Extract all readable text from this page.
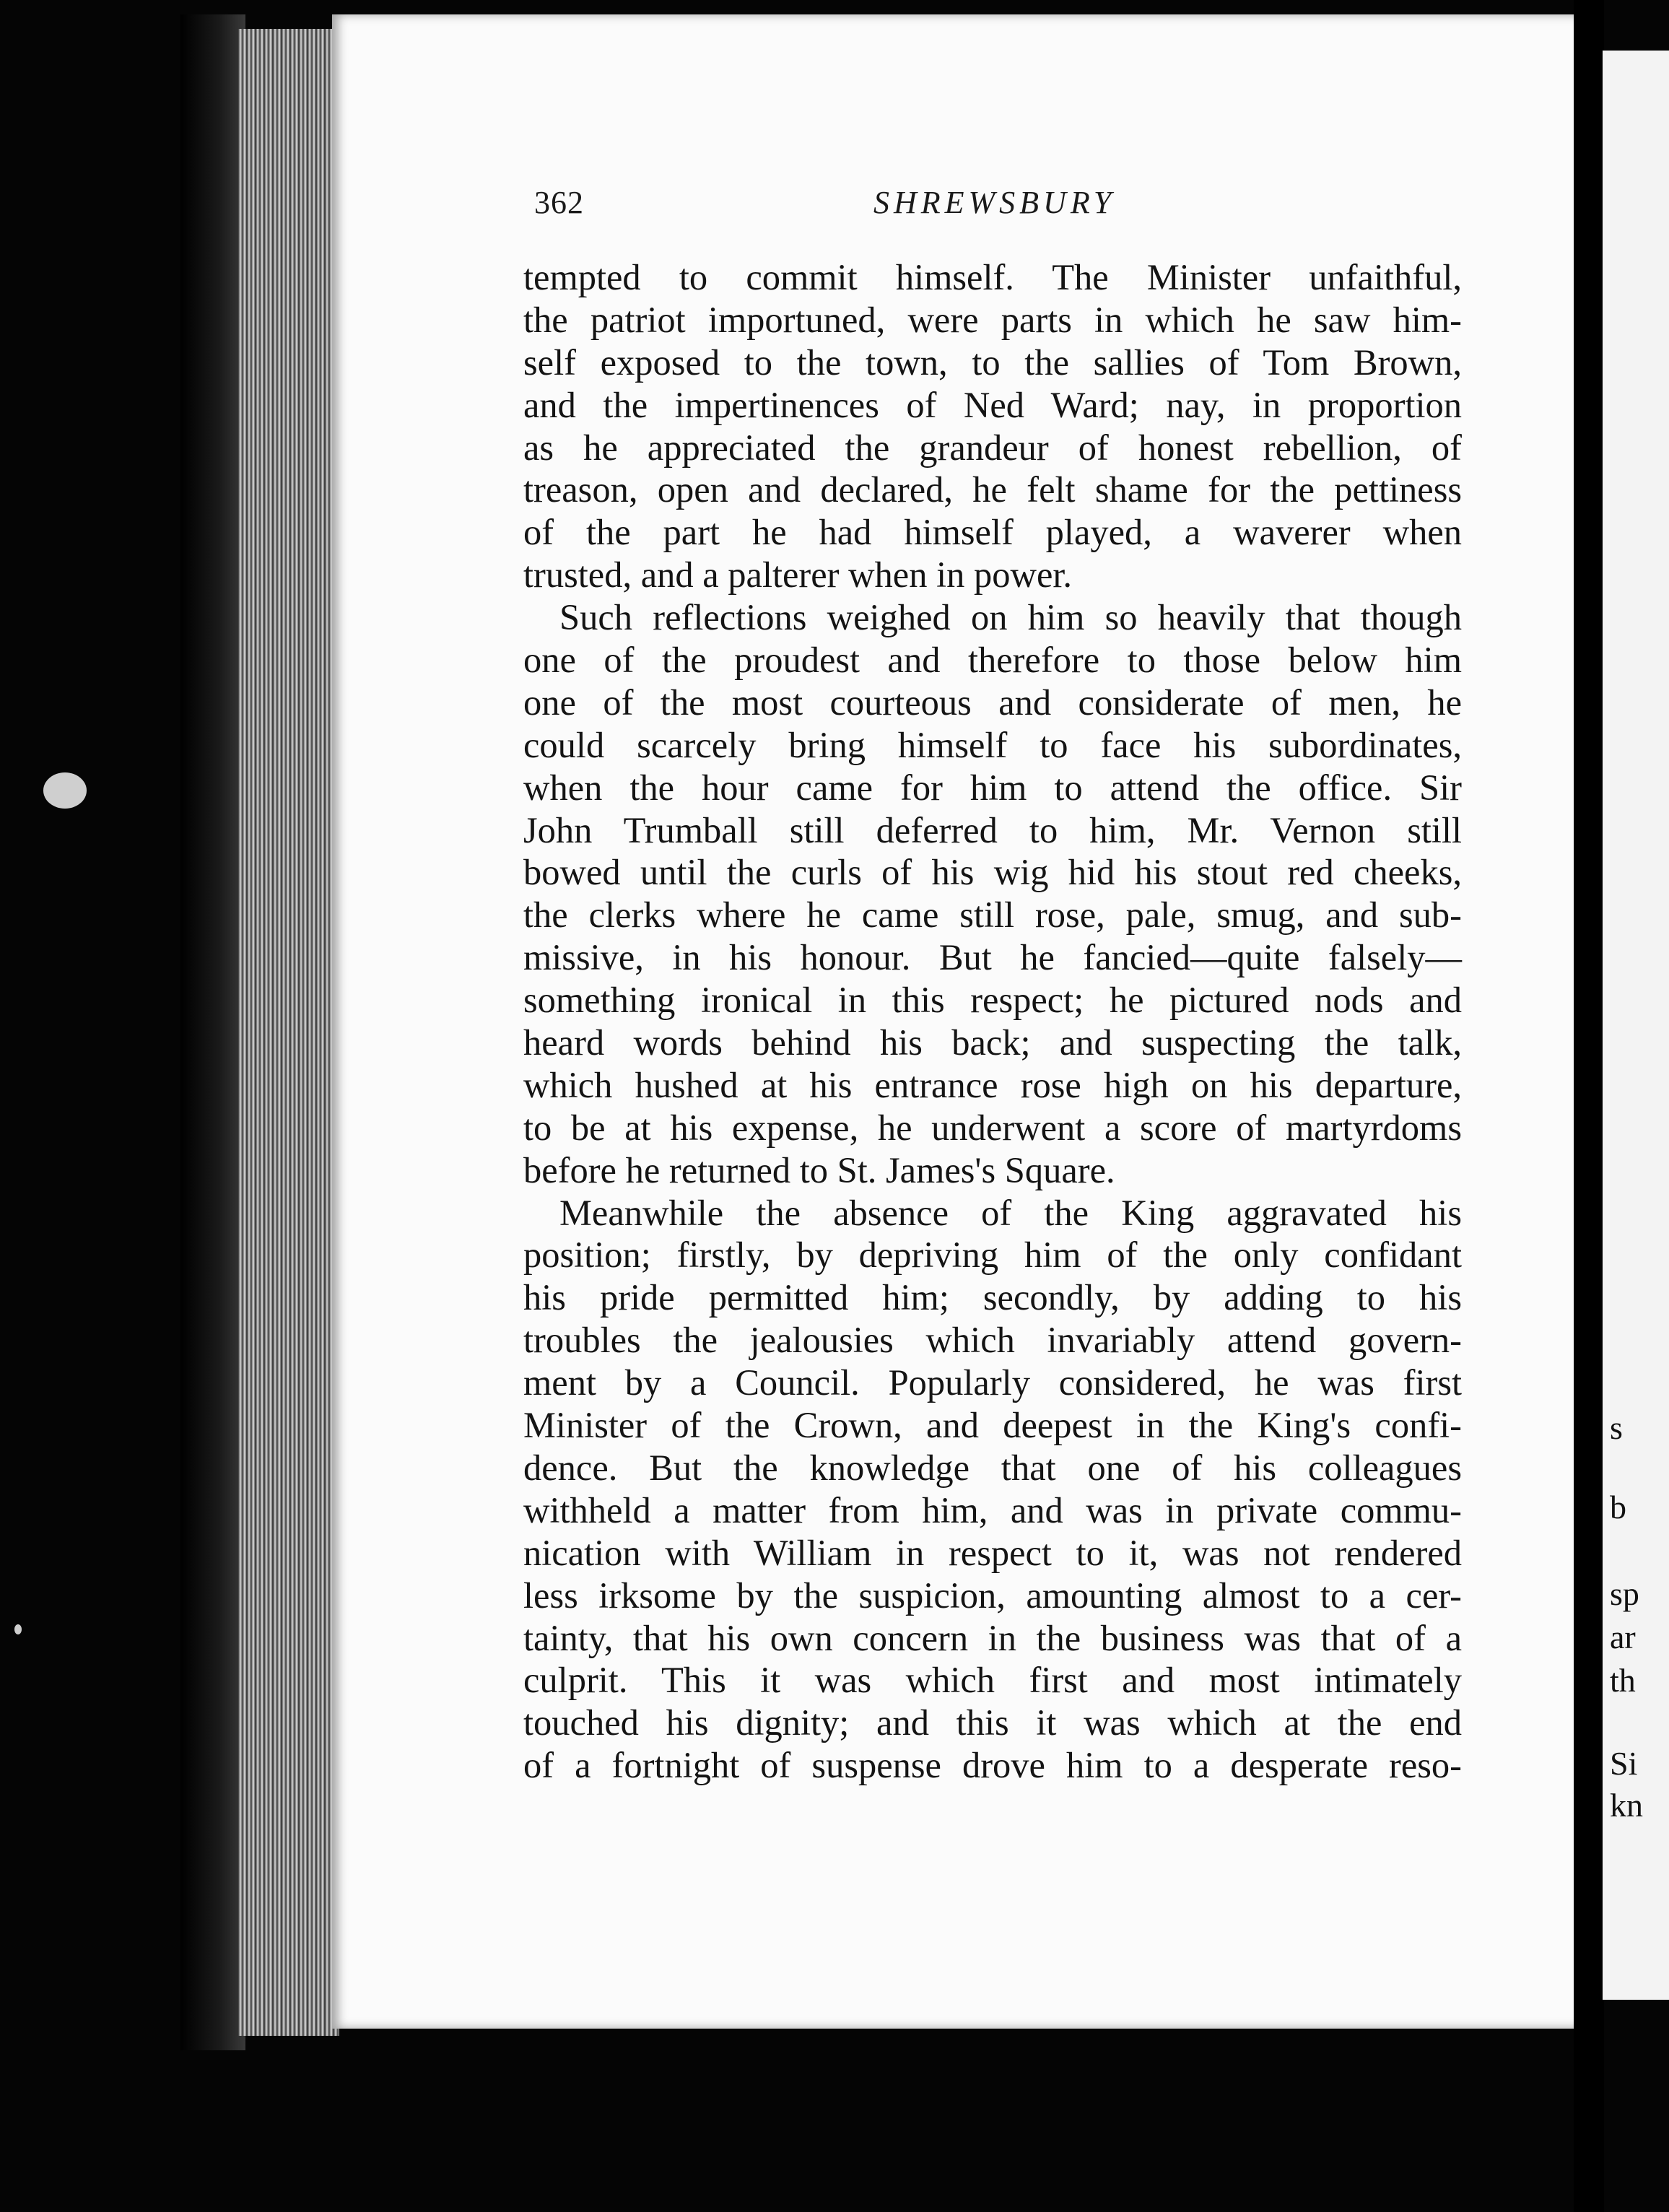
s
b
sp
ar
th
Si
kn
362	SHREWSBURY
tempted to commit himself. The Minister unfaithful,
the patriot importuned, were parts in which he saw him-
self exposed to the town, to the sallies of Tom Brown,
and the impertinences of Ned Ward; nay, in proportion
as he appreciated the grandeur of honest rebellion, of
treason, open and declared, he felt shame for the pettiness
of the part he had himself played, a waverer when
trusted, and a palterer when in power.
Such reflections weighed on him so heavily that though
one of the proudest and therefore to those below him
one of the most courteous and considerate of men, he
could scarcely bring himself to face his subordinates,
when the hour came for him to attend the office. Sir
John Trumball still deferred to him, Mr. Vernon still
bowed until the curls of his wig hid his stout red cheeks,
the clerks where he came still rose, pale, smug, and sub-
missive, in his honour. But he fancied—quite falsely—
something ironical in this respect; he pictured nods and
heard words behind his back; and suspecting the talk,
which hushed at his entrance rose high on his departure,
to be at his expense, he underwent a score of martyrdoms
before he returned to St. James's Square.
Meanwhile the absence of the King aggravated his
position; firstly, by depriving him of the only confidant
his pride permitted him; secondly, by adding to his
troubles the jealousies which invariably attend govern-
ment by a Council. Popularly considered, he was first
Minister of the Crown, and deepest in the King's confi-
dence. But the knowledge that one of his colleagues
withheld a matter from him, and was in private commu-
nication with William in respect to it, was not rendered
less irksome by the suspicion, amounting almost to a cer-
tainty, that his own concern in the business was that of a
culprit. This it was which first and most intimately
touched his dignity; and this it was which at the end
of a fortnight of suspense drove him to a desperate reso-
